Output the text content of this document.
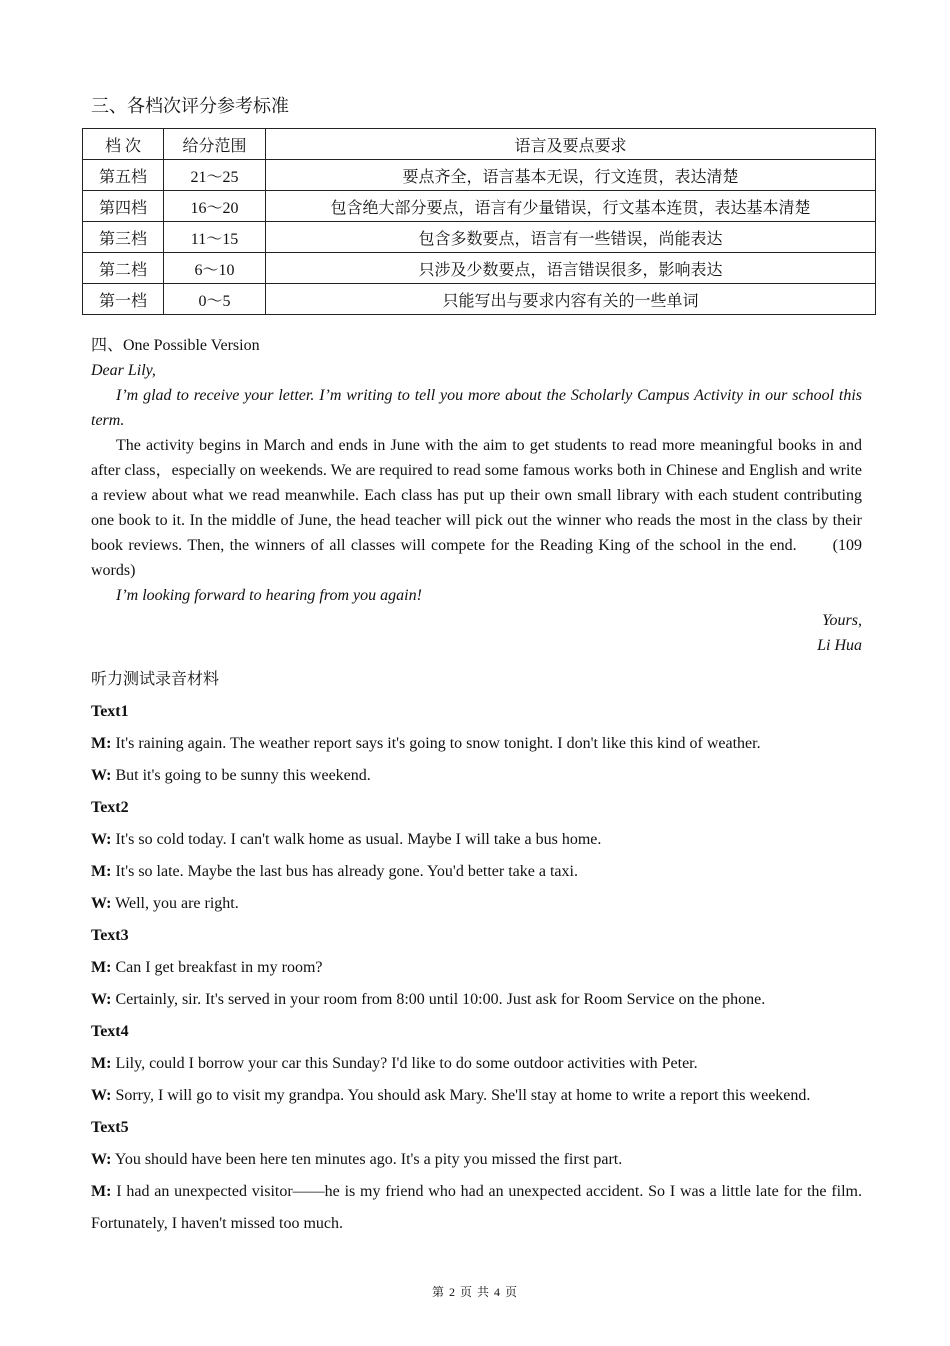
三、各档次评分参考标准
档 次	给分范围	语言及要点要求
第五档	21～25	要点齐全，语言基本无误，行文连贯，表达清楚
第四档	16～20	包含绝大部分要点，语言有少量错误，行文基本连贯，表达基本清楚
第三档	11～15	包含多数要点，语言有一些错误，尚能表达
第二档	6～10	只涉及少数要点，语言错误很多，影响表达
第一档	0～5	只能写出与要求内容有关的一些单词

四、One Possible Version

Dear Lily,

I’m glad to receive your letter. I’m writing to tell you more about the Scholarly Campus Activity in our school this term.

The activity begins in March and ends in June with the aim to get students to read more meaningful books in and after class，especially on weekends. We are required to read some famous works both in Chinese and English and write a review about what we read meanwhile. Each class has put up their own small library with each student contributing one book to it. In the middle of June, the head teacher will pick out the winner who reads the most in the class by their book reviews. Then, the winners of all classes will compete for the Reading King of the school in the end. (109 words)

I’m looking forward to hearing from you again!

Yours,

Li Hua

听力测试录音材料

Text1

M: It's raining again. The weather report says it's going to snow tonight. I don't like this kind of weather.

W: But it's going to be sunny this weekend.

Text2

W: It's so cold today. I can't walk home as usual. Maybe I will take a bus home.

M: It's so late. Maybe the last bus has already gone. You'd better take a taxi.

W: Well, you are right.

Text3

M: Can I get breakfast in my room?

W: Certainly, sir. It's served in your room from 8:00 until 10:00. Just ask for Room Service on the phone.

Text4

M: Lily, could I borrow your car this Sunday? I'd like to do some outdoor activities with Peter.

W: Sorry, I will go to visit my grandpa. You should ask Mary. She'll stay at home to write a report this weekend.

Text5

W: You should have been here ten minutes ago. It's a pity you missed the first part.

M: I had an unexpected visitor——he is my friend who had an unexpected accident. So I was a little late for the film. Fortunately, I haven't missed too much.

第 2 页 共 4 页
